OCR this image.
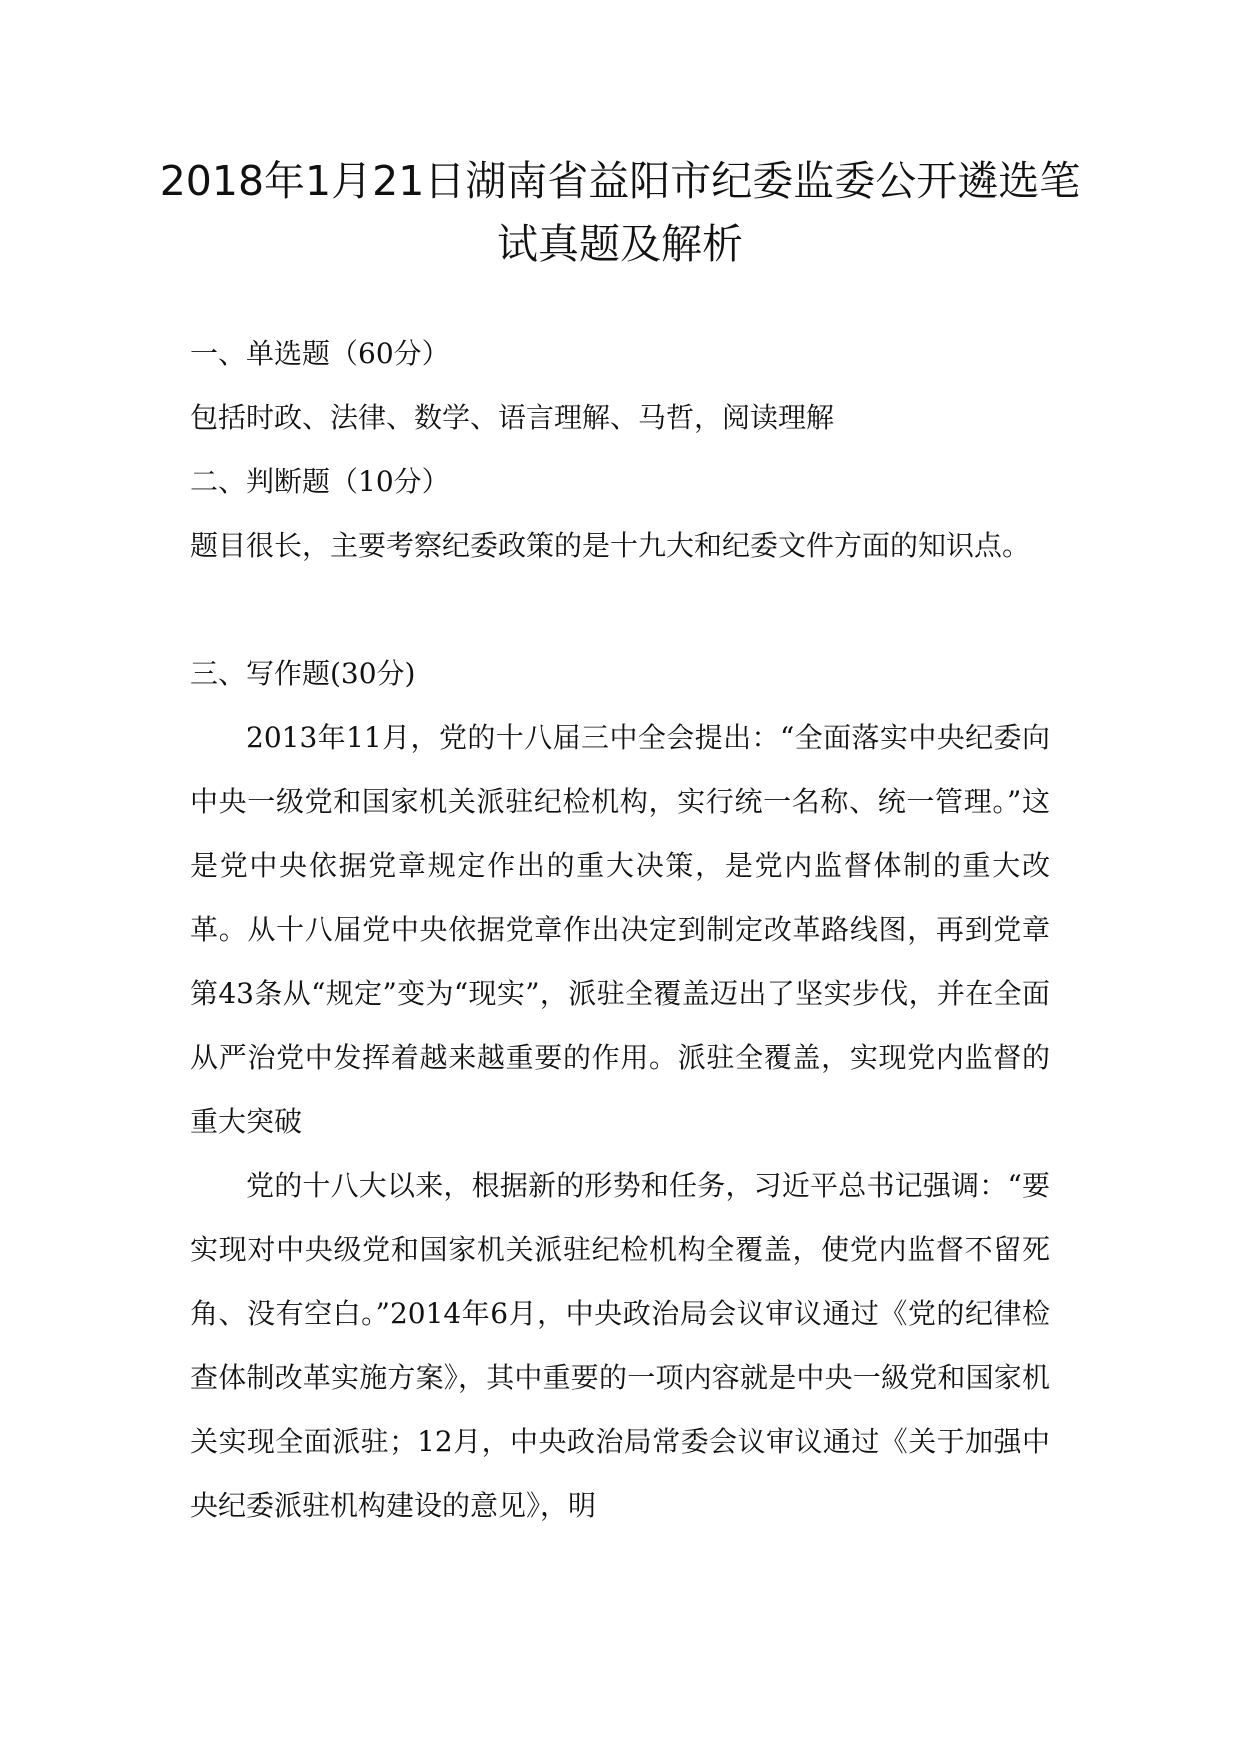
2018年1月21日湖南省益阳市纪委监委公开遴选笔试真题及解析

一、单选题（60分）

包括时政、法律、数学、语言理解、马哲，阅读理解

二、判断题（10分）

题目很长，主要考察纪委政策的是十九大和纪委文件方面的知识点。

三、写作题(30分)

2013年11月，党的十八届三中全会提出：“全面落实中央纪委向中央一级党和国家机关派驻纪检机构，实行统一名称、统一管理。”这是党中央依据党章规定作出的重大决策，是党内监督体制的重大改革。从十八届党中央依据党章作出决定到制定改革路线图，再到党章第43条从“规定”变为“现实”，派驻全覆盖迈出了坚实步伐，并在全面从严治党中发挥着越来越重要的作用。派驻全覆盖，实现党内监督的重大突破

党的十八大以来，根据新的形势和任务，习近平总书记强调：“要实现对中央级党和国家机关派驻纪检机构全覆盖，使党内监督不留死角、没有空白。”2014年6月，中央政治局会议审议通过《党的纪律检查体制改革实施方案》，其中重要的一项内容就是中央一級党和国家机关实现全面派驻；12月，中央政治局常委会议审议通过《关于加强中央纪委派驻机构建设的意见》，明
